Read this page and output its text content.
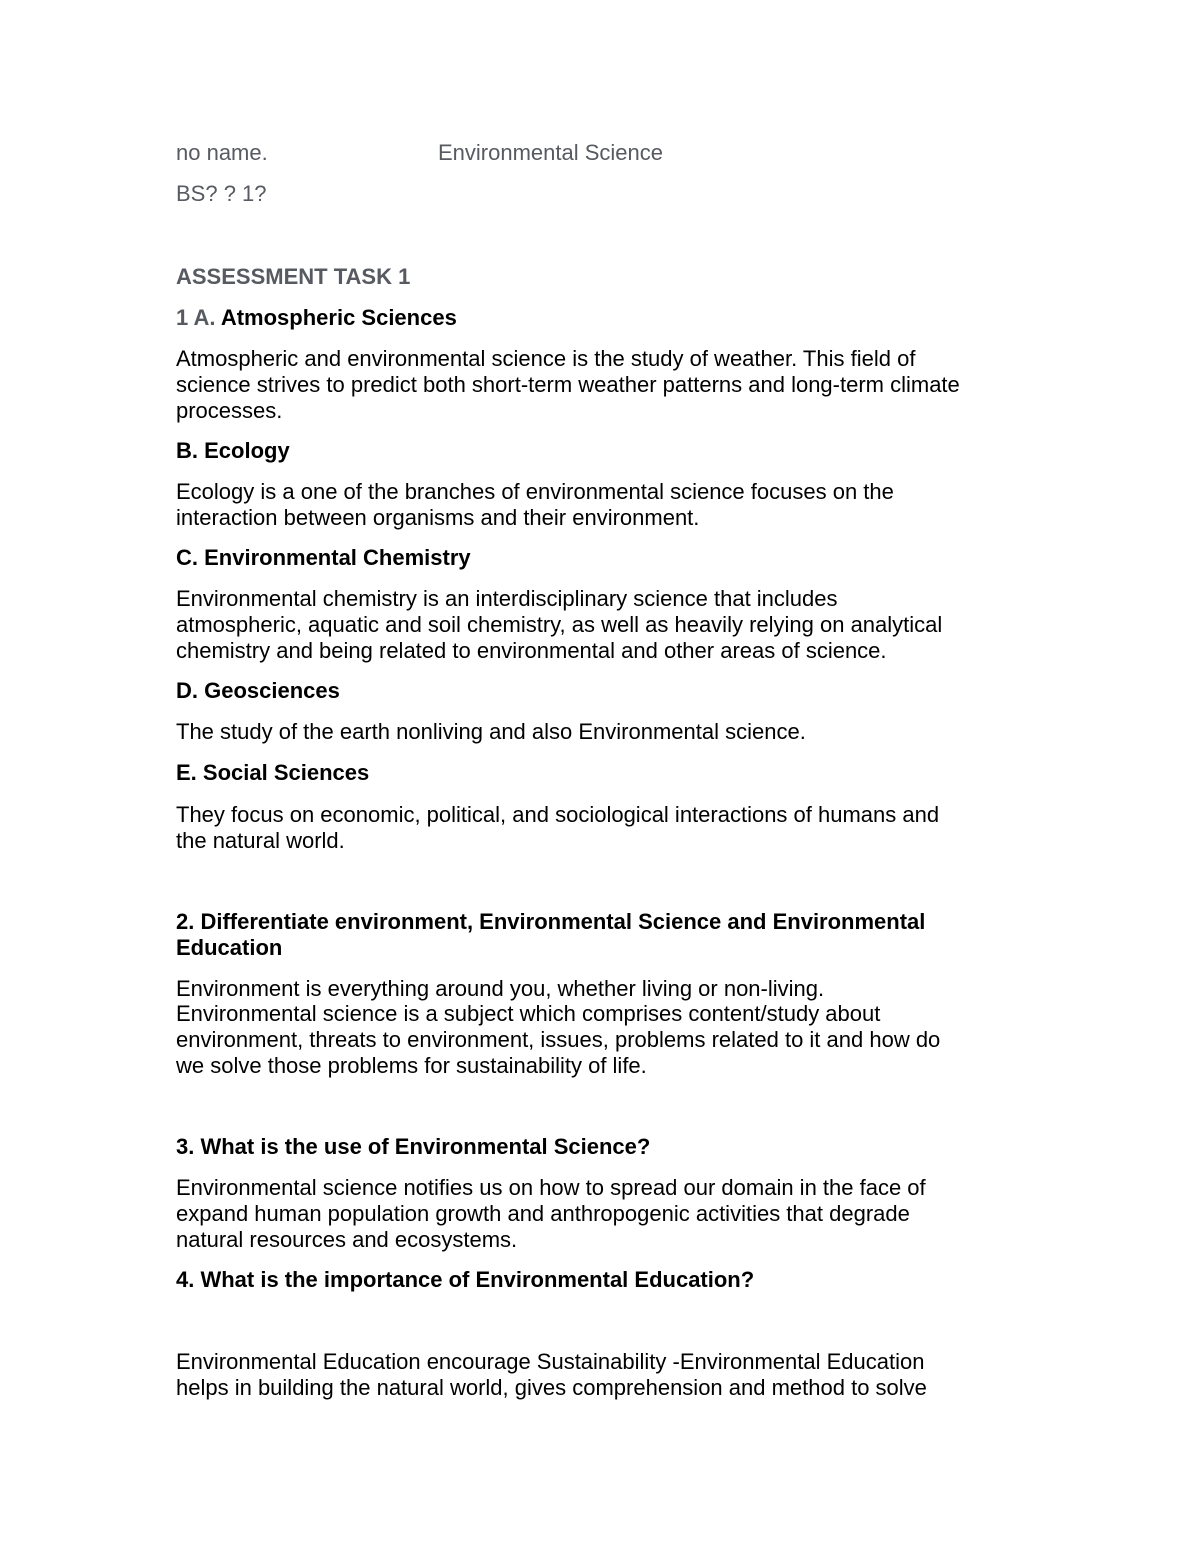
no name.	Environmental Science

BS? ? 1?

ASSESSMENT TASK 1

1 A. Atmospheric Sciences

Atmospheric and environmental science is the study of weather. This field of

science strives to predict both short-term weather patterns and long-term climate

processes.

B. Ecology

Ecology is a one of the branches of environmental science focuses on the

interaction between organisms and their environment.

C. Environmental Chemistry

Environmental chemistry is an interdisciplinary science that includes

atmospheric, aquatic and soil chemistry, as well as heavily relying on analytical

chemistry and being related to environmental and other areas of science.

D. Geosciences

The study of the earth nonliving and also Environmental science.

E. Social Sciences

They focus on economic, political, and sociological interactions of humans and

the natural world.

2. Differentiate environment, Environmental Science and Environmental

Education

Environment is everything around you, whether living or non-living.

Environmental science is a subject which comprises content/study about

environment, threats to environment, issues, problems related to it and how do

we solve those problems for sustainability of life.

3. What is the use of Environmental Science?

Environmental science notifies us on how to spread our domain in the face of

expand human population growth and anthropogenic activities that degrade

natural resources and ecosystems.

4. What is the importance of Environmental Education?

Environmental Education encourage Sustainability -Environmental Education

helps in building the natural world, gives comprehension and method to solve
